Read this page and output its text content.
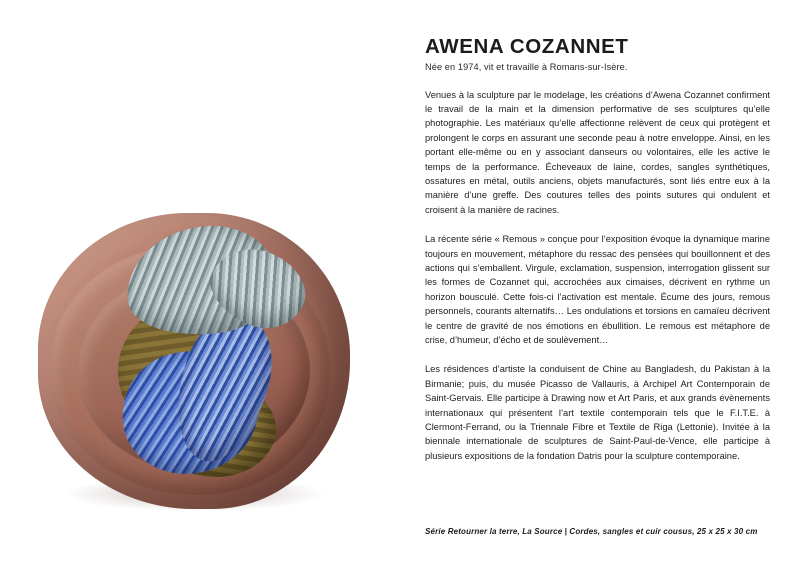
AWENA COZANNET

Née en 1974, vit et travaille à Romans-sur-Isère.

Venues à la sculpture par le modelage, les créations d’Awena Cozannet confirment le travail de la main et la dimension performative de ses sculptures qu’elle photographie. Les matériaux qu’elle affectionne relèvent de ceux qui protègent et prolongent le corps en assurant une seconde peau à notre enveloppe. Ainsi, en les portant elle-même ou en y associant danseurs ou volontaires, elle les active le temps de la performance. Écheveaux de laine, cordes, sangles synthétiques, ossatures en métal, outils anciens, objets manufacturés, sont liés entre eux à la manière d’une greffe. Des coutures telles des points sutures qui ondulent et croisent à la manière de racines.

La récente série « Remous » conçue pour l’exposition évoque la dynamique marine toujours en mouvement, métaphore du ressac des pensées qui bouillonnent et des actions qui s’emballent. Virgule, exclamation, suspension, interrogation glissent sur les formes de Cozannet qui, accrochées aux cimaises, décrivent en rythme un horizon bousculé. Cette fois-ci l’activation est mentale. Écume des jours, remous personnels, courants alternatifs… Les ondulations et torsions en camaïeu décrivent le centre de gravité de nos émotions en ébullition. Le remous est métaphore de crise, d’humeur, d’écho et de soulèvement…

Les résidences d’artiste la conduisent de Chine au Bangladesh, du Pakistan à la Birmanie; puis, du musée Picasso de Vallauris, à Archipel Art Contemporain de Saint-Gervais. Elle participe à Drawing now et Art Paris, et aux grands évènements internationaux qui présentent l’art textile contemporain tels que le F.I.T.E. à Clermont-Ferrand, ou la Triennale Fibre et Textile de Riga (Lettonie). Invitée à la biennale internationale de sculptures de Saint-Paul-de-Vence, elle participe à plusieurs expositions de la fondation Datris pour la sculpture contemporaine.

Série Retourner la terre, La Source | Cordes, sangles et cuir cousus, 25 x 25 x 30 cm
